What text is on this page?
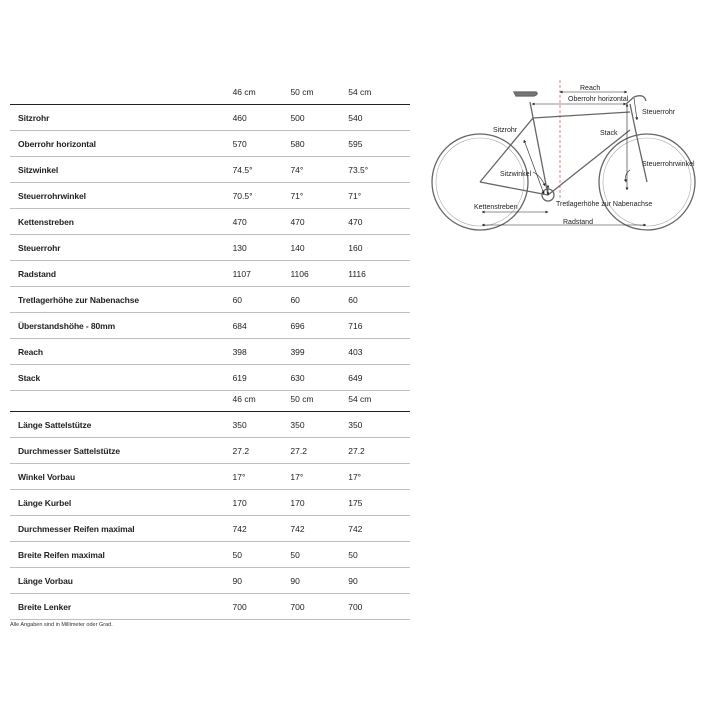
	46 cm	50 cm	54 cm
Sitzrohr	460	500	540
Oberrohr horizontal	570	580	595
Sitzwinkel	74.5°	74°	73.5°
Steuerrohrwinkel	70.5°	71°	71°
Kettenstreben	470	470	470
Steuerrohr	130	140	160
Radstand	1107	1106	1116
Tretlagerhöhe zur Nabenachse	60	60	60
Überstandshöhe - 80mm	684	696	716
Reach	398	399	403
Stack	619	630	649
	46 cm	50 cm	54 cm
Länge Sattelstütze	350	350	350
Durchmesser Sattelstütze	27.2	27.2	27.2
Winkel Vorbau	17°	17°	17°
Länge Kurbel	170	170	175
Durchmesser Reifen maximal	742	742	742
Breite Reifen maximal	50	50	50
Länge Vorbau	90	90	90
Breite Lenker	700	700	700
Alle Angaben sind in Millimeter oder Grad.
Reach
Oberrohr horizontal
Steuerrohr
Sitzrohr	Stack
Steuerrohrwinkel
Sitzwinkel
Kettenstreben	Tretlagerhöhe zur Nabenachse
Radstand
